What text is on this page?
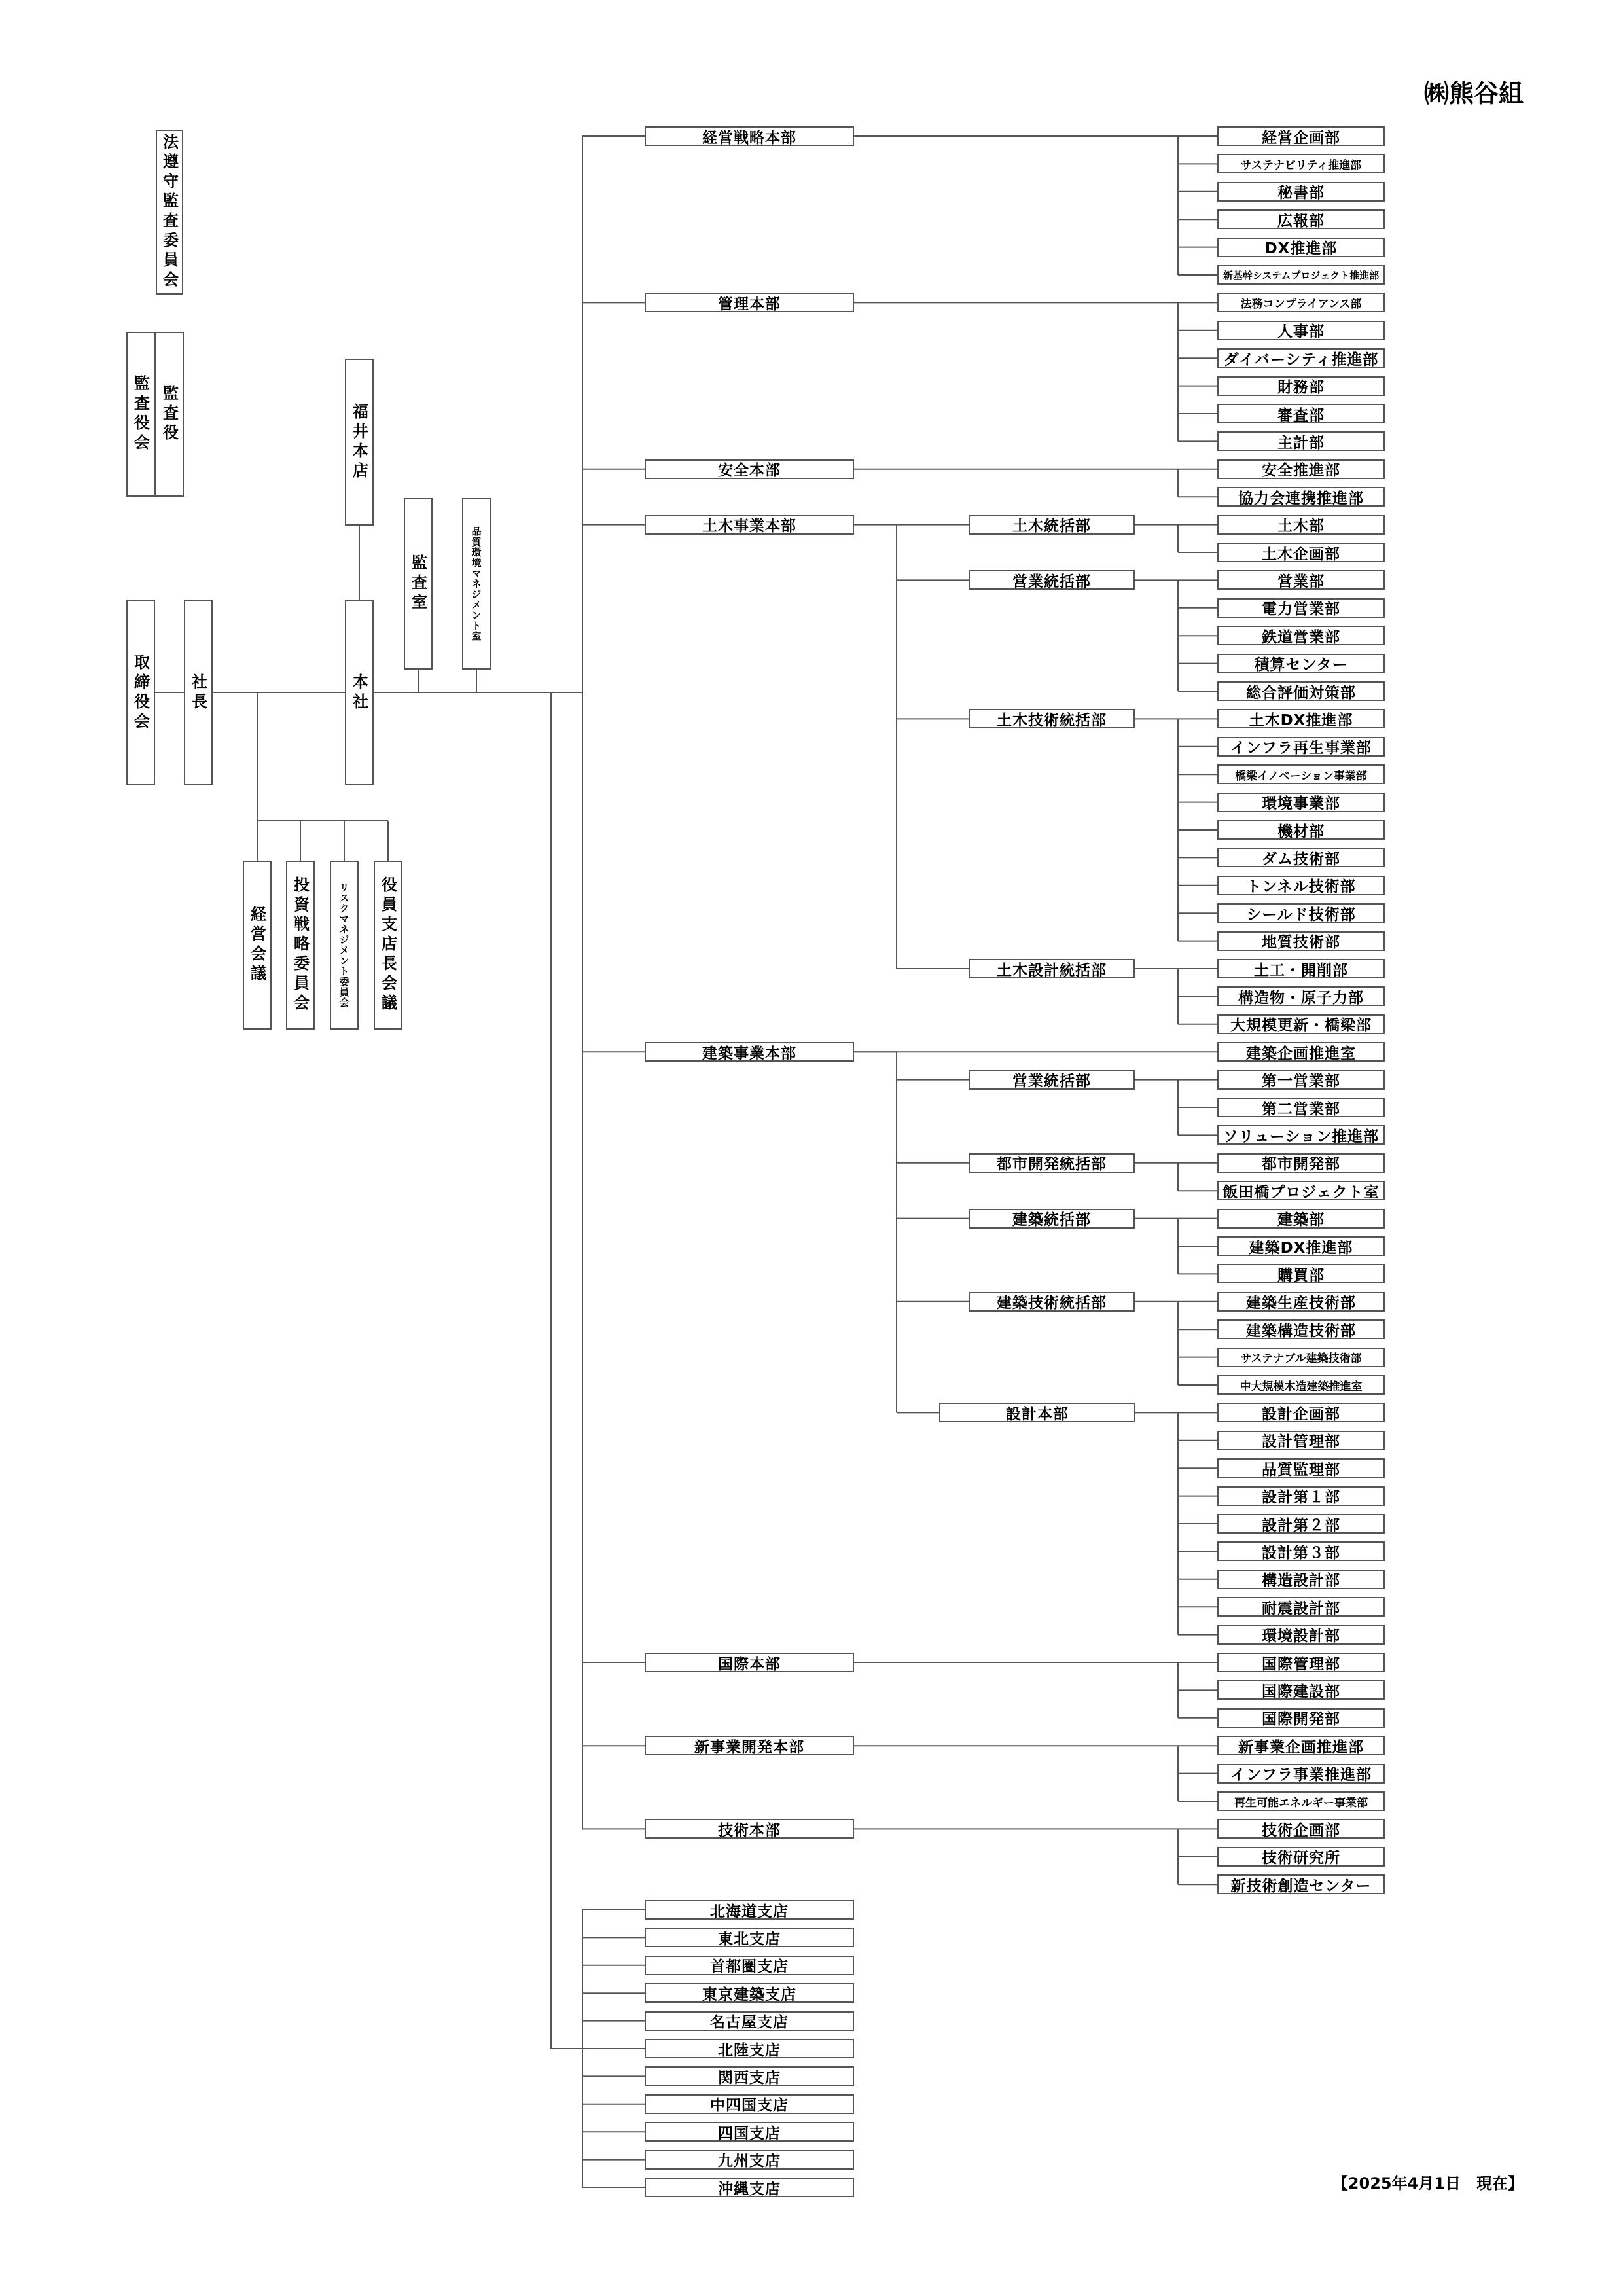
㈱熊谷組
【2025年4月1日　現在】
法遵守監査委員会
監査役会 監査役
取締役会	社長
福井本店
本社
監査室	品質環境マネジメント室
経営会議 投資戦略委員会	リスクマネジメント委員会 役員支店長会議
経営戦略本部	経営企画部
サステナビリティ推進部
秘書部
広報部
DX推進部
新基幹システムプロジェクト推進部
管理本部	法務コンプライアンス部
人事部
ダイバーシティ推進部
財務部
審査部
主計部
安全本部	安全推進部
協力会連携推進部
土木事業本部	土木統括部	土木部
土木企画部
営業統括部	営業部
電力営業部
鉄道営業部
積算センター
総合評価対策部
土木技術統括部	土木DX推進部
インフラ再生事業部
橋梁イノベーション事業部
環境事業部
機材部
ダム技術部
トンネル技術部
シールド技術部
地質技術部
土木設計統括部	土工・開削部
構造物・原子力部
大規模更新・橋梁部
建築事業本部	建築企画推進室
営業統括部	第一営業部
第二営業部
ソリューション推進部
都市開発統括部	都市開発部
飯田橋プロジェクト室
建築統括部	建築部
建築DX推進部
購買部
建築技術統括部	建築生産技術部
建築構造技術部
サステナブル建築技術部
中大規模木造建築推進室
設計本部	設計企画部
設計管理部
品質監理部
設計第１部
設計第２部
設計第３部
構造設計部
耐震設計部
環境設計部
国際本部	国際管理部
国際建設部
国際開発部
新事業開発本部	新事業企画推進部
インフラ事業推進部
再生可能エネルギー事業部
技術本部	技術企画部
技術研究所
新技術創造センター
北海道支店
東北支店
首都圏支店
東京建築支店
名古屋支店
北陸支店
関西支店
中四国支店
四国支店
九州支店
沖縄支店
